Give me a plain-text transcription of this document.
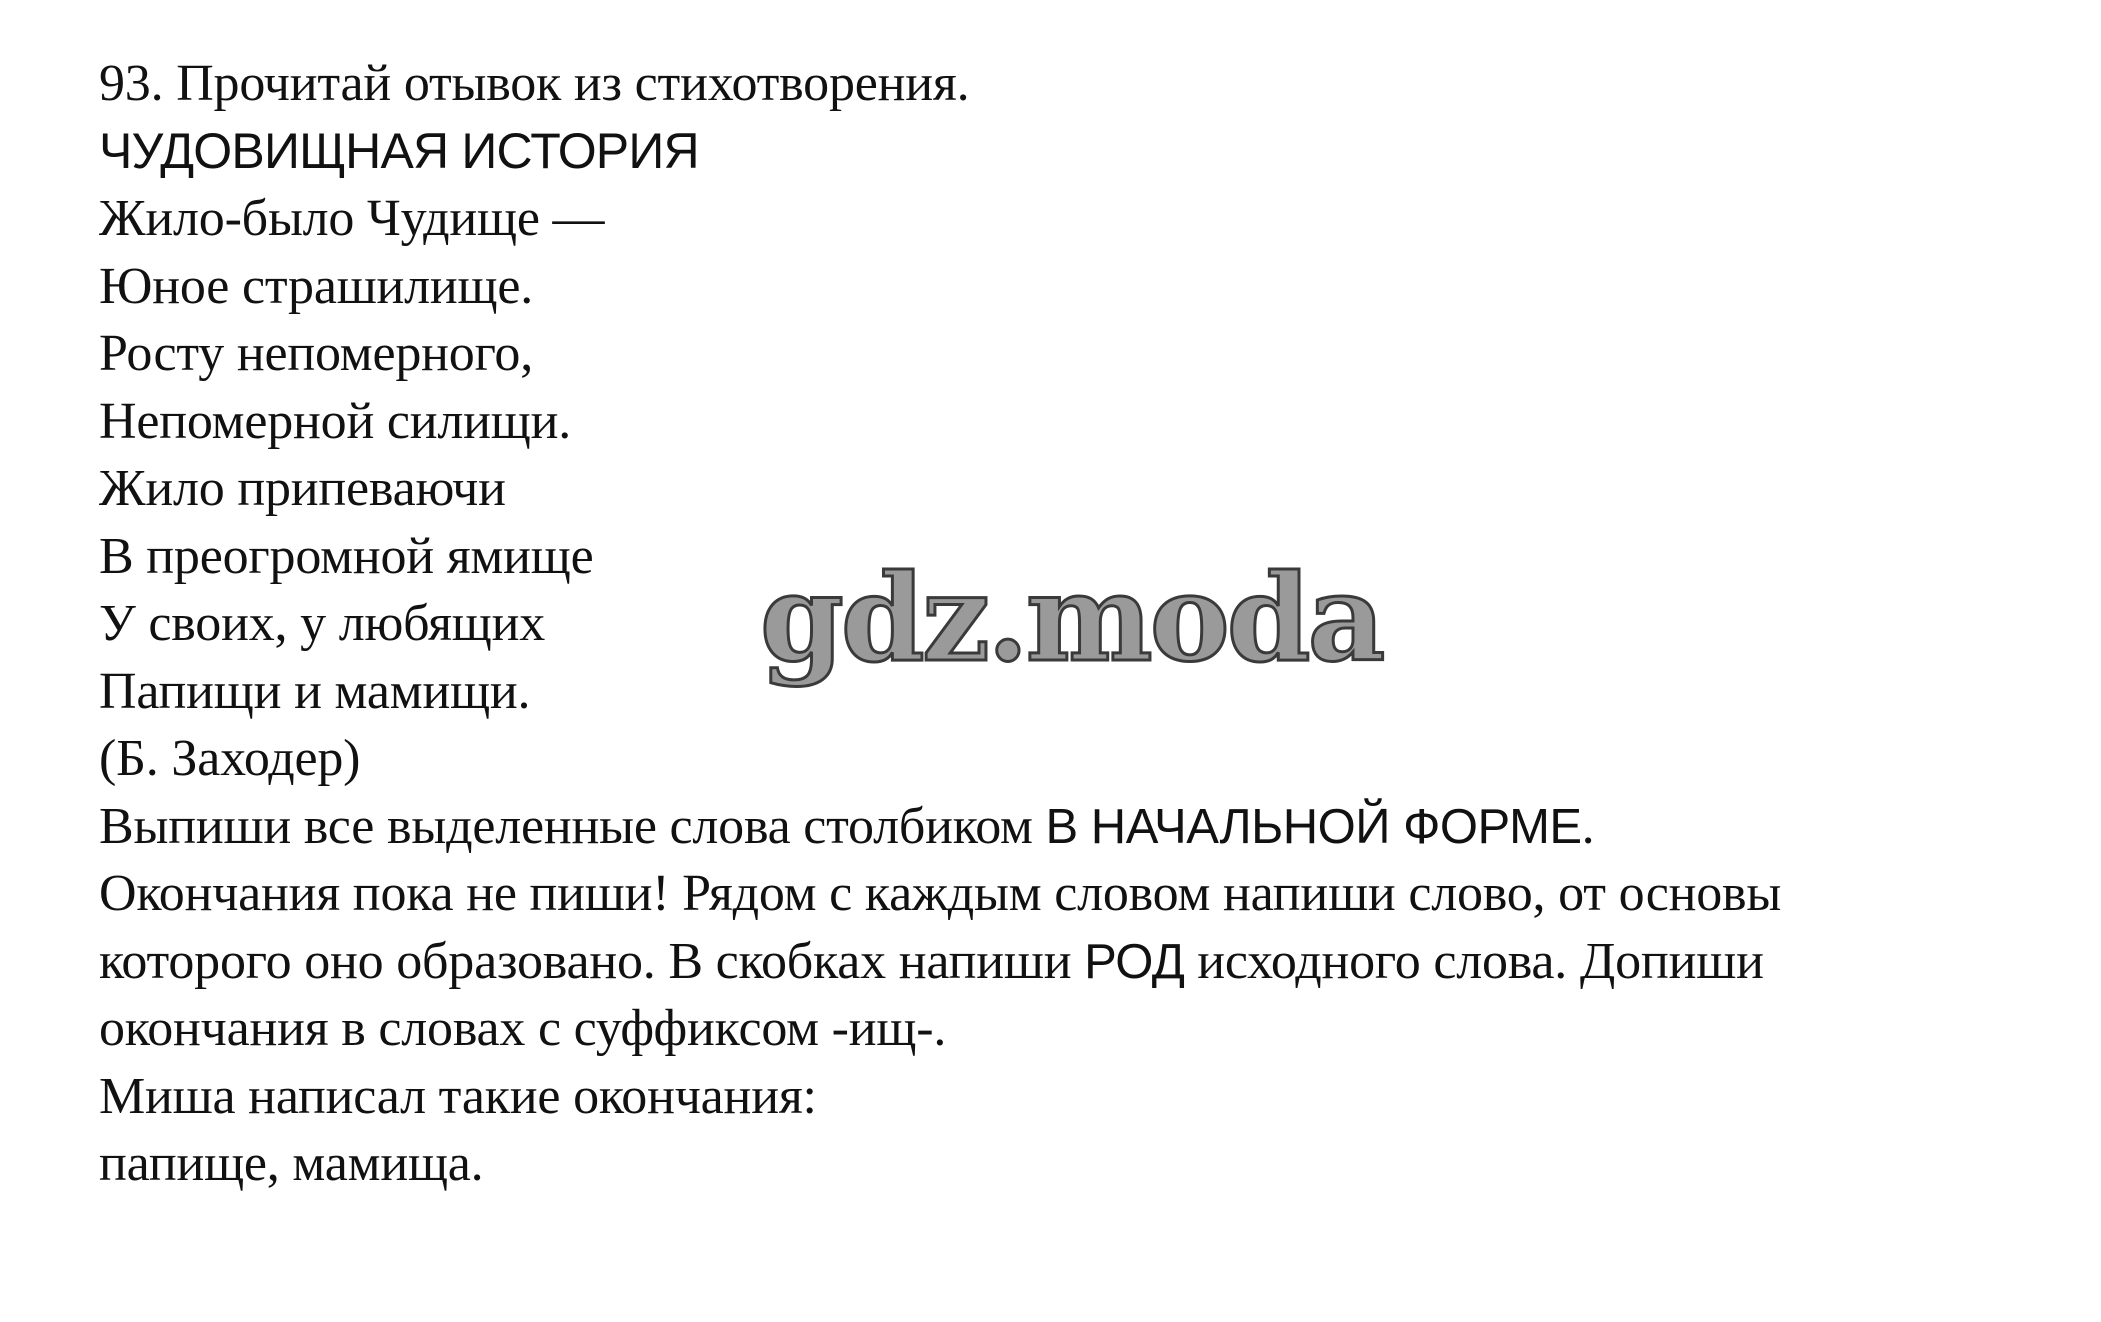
93. Прочитай отывок из стихотворения.
ЧУДОВИЩНАЯ ИСТОРИЯ
Жило-было Чудище —
Юное страшилище.
Росту непомерного,
Непомерной силищи.
Жило припеваючи
В преогромной ямище
У своих, у любящих
Папищи и мамищи.
(Б. Заходер)
Выпиши все выделенные слова столбиком В НАЧАЛЬНОЙ ФОРМЕ.
Окончания пока не пиши! Рядом с каждым словом напиши слово, от основы
которого оно образовано. В скобках напиши РОД исходного слова. Допиши
окончания в словах с суффиксом -ищ-.
Миша написал такие окончания:
папище, мамища.
gdz.moda
